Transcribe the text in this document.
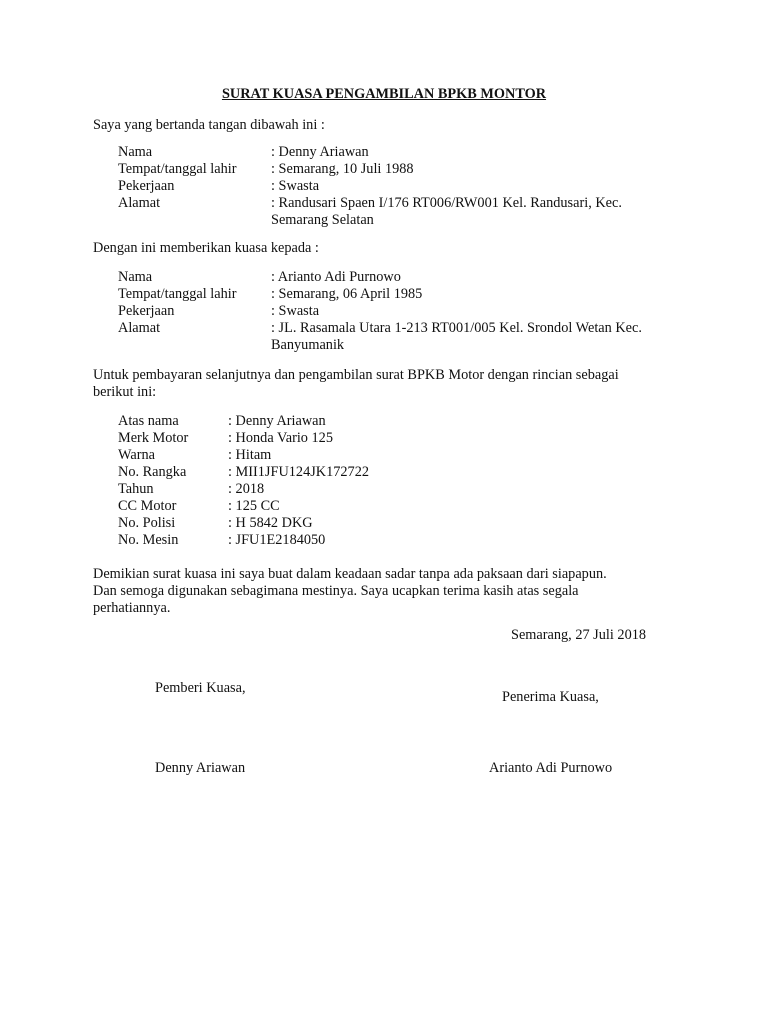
SURAT KUASA PENGAMBILAN BPKB MONTOR
Saya yang bertanda tangan dibawah ini :
Nama	: Denny Ariawan
Tempat/tanggal lahir	: Semarang, 10 Juli 1988
Pekerjaan	: Swasta
Alamat	: Randusari Spaen I/176 RT006/RW001 Kel. Randusari, Kec.
Semarang Selatan
Dengan ini memberikan kuasa kepada :
Nama	: Arianto Adi Purnowo
Tempat/tanggal lahir	: Semarang, 06 April 1985
Pekerjaan	: Swasta
Alamat	: JL. Rasamala Utara 1-213 RT001/005 Kel. Srondol Wetan Kec.
Banyumanik
Untuk pembayaran selanjutnya dan pengambilan surat BPKB Motor dengan rincian sebagai
berikut ini:
Atas nama	: Denny Ariawan
Merk Motor	: Honda Vario 125
Warna	: Hitam
No. Rangka	: MII1JFU124JK172722
Tahun	: 2018
CC Motor	: 125 CC
No. Polisi	: H 5842 DKG
No. Mesin	: JFU1E2184050
Demikian surat kuasa ini saya buat dalam keadaan sadar tanpa ada paksaan dari siapapun.
Dan semoga digunakan sebagimana mestinya. Saya ucapkan terima kasih atas segala
perhatiannya.
Semarang, 27 Juli 2018
Pemberi Kuasa,
Penerima Kuasa,
Denny Ariawan	Arianto Adi Purnowo
